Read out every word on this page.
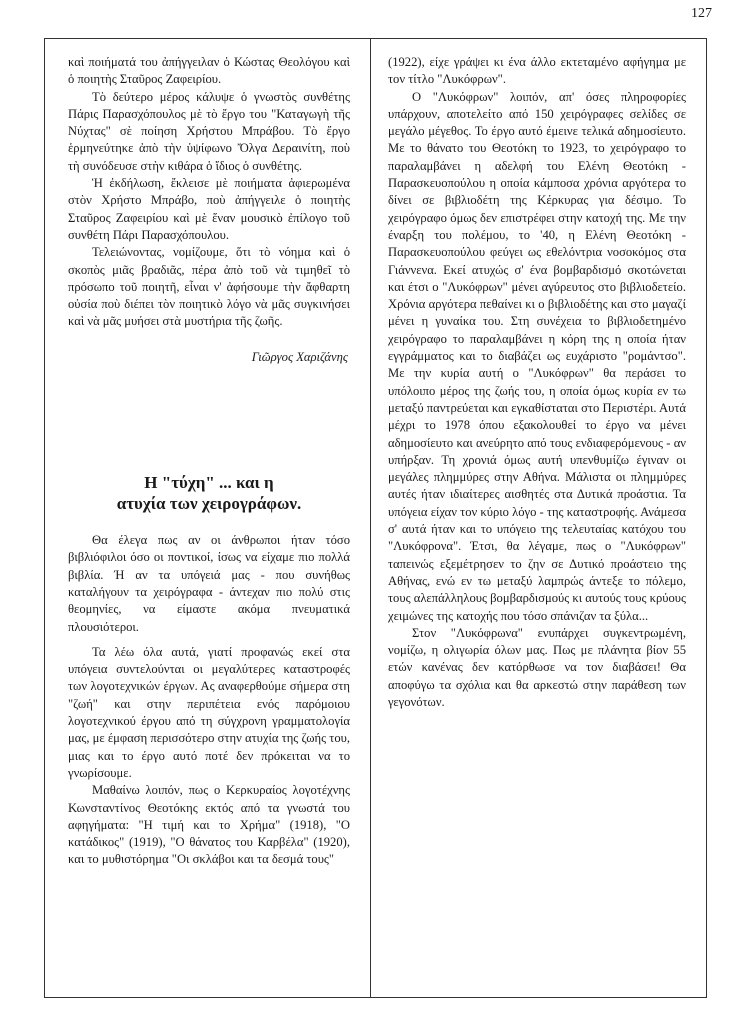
127

καὶ ποιήματά του ἀπήγγειλαν ὁ Κώστας Θεολόγου καὶ ὁ ποιητὴς Σταῦρος Ζαφειρίου.

Τὸ δεύτερο μέρος κάλυψε ὁ γνωστὸς συνθέτης Πάρις Παρασχόπουλος μὲ τὸ ἔργο του "Καταγωγὴ τῆς Νύχτας" σὲ ποίηση Χρήστου Μπράβου. Τὸ ἔργο ἑρμηνεύτηκε ἀπὸ τὴν ὑψίφωνο Ὄλγα Δεραινίτη, ποὺ τὴ συνόδευσε στὴν κιθάρα ὁ ἴδιος ὁ συνθέτης.

Ἡ ἐκδήλωση, ἔκλεισε μὲ ποιήματα ἀφιερωμένα στὸν Χρήστο Μπράβο, ποὺ ἀπήγγειλε ὁ ποιητὴς Σταῦρος Ζαφειρίου καὶ μὲ ἕναν μουσικὸ ἐπίλογο τοῦ συνθέτη Πάρι Παρασχόπουλου.

Τελειώνοντας, νομίζουμε, ὅτι τὸ νόημα καὶ ὁ σκοπὸς μιᾶς βραδιᾶς, πέρα ἀπὸ τοῦ νὰ τιμηθεῖ τὸ πρόσωπο τοῦ ποιητῆ, εἶναι ν' ἀφήσουμε τὴν ἄφθαρτη οὐσία ποὺ διέπει τὸν ποιητικὸ λόγο νὰ μᾶς συγκινήσει καὶ νὰ μᾶς μυήσει στὰ μυστήρια τῆς ζωῆς.

Γιῶργος Χαριζάνης
Η "τύχη" ... και η
ατυχία των χειρογράφων.

Θα έλεγα πως αν οι άνθρωποι ήταν τόσο βιβλιόφιλοι όσο οι ποντικοί, ίσως να είχαμε πιο πολλά βιβλία. Ή αν τα υπόγειά μας - που συνήθως καταλήγουν τα χειρόγραφα - άντεχαν πιο πολύ στις θεομηνίες, να είμαστε ακόμα πνευματικά πλουσιότεροι.

Τα λέω όλα αυτά, γιατί προφανώς εκεί στα υπόγεια συντελούνται οι μεγαλύτερες καταστροφές των λογοτεχνικών έργων. Ας αναφερθούμε σήμερα στη "ζωή" και στην περιπέτεια ενός παρόμοιου λογοτεχνικού έργου από τη σύγχρονη γραμματολογία μας, με έμφαση περισσότερο στην ατυχία της ζωής του, μιας και το έργο αυτό ποτέ δεν πρόκειται να το γνωρίσουμε.

Μαθαίνω λοιπόν, πως ο Κερκυραίος λογοτέχνης Κωνσταντίνος Θεοτόκης εκτός από τα γνωστά του αφηγήματα: "Η τιμή και το Χρήμα" (1918), "Ο κατάδικος" (1919), "Ο θάνατος του Καρβέλα" (1920), και το μυθιστόρημα "Οι σκλάβοι και τα δεσμά τους"

(1922), είχε γράψει κι ένα άλλο εκτεταμένο αφήγημα με τον τίτλο "Λυκόφρων".

Ο "Λυκόφρων" λοιπόν, απ' όσες πληροφορίες υπάρχουν, αποτελείτο από 150 χειρόγραφες σελίδες σε μεγάλο μέγεθος. Το έργο αυτό έμεινε τελικά αδημοσίευτο. Με το θάνατο του Θεοτόκη το 1923, το χειρόγραφο το παραλαμβάνει η αδελφή του Ελένη Θεοτόκη - Παρασκευοπούλου η οποία κάμποσα χρόνια αργότερα το δίνει σε βιβλιοδέτη της Κέρκυρας για δέσιμο. Το χειρόγραφο όμως δεν επιστρέφει στην κατοχή της. Με την έναρξη του πολέμου, το '40, η Ελένη Θεοτόκη - Παρασκευοπούλου φεύγει ως εθελόντρια νοσοκόμος στα Γιάννενα. Εκεί ατυχώς σ' ένα βομβαρδισμό σκοτώνεται και έτσι ο "Λυκόφρων" μένει αγύρευτος στο βιβλιοδετείο. Χρόνια αργότερα πεθαίνει κι ο βιβλιοδέτης και στο μαγαζί μένει η γυναίκα του. Στη συνέχεια το βιβλιοδετημένο χειρόγραφο το παραλαμβάνει η κόρη της η οποία ήταν εγγράμματος και το διαβάζει ως ευχάριστο "ρομάντσο". Με την κυρία αυτή ο "Λυκόφρων" θα περάσει το υπόλοιπο μέρος της ζωής του, η οποία όμως κυρία εν τω μεταξύ παντρεύεται και εγκαθίσταται στο Περιστέρι. Αυτά μέχρι το 1978 όπου εξακολουθεί το έργο να μένει αδημοσίευτο και ανεύρητο από τους ενδιαφερόμενους - αν υπήρξαν. Τη χρονιά όμως αυτή υπενθυμίζω έγιναν οι μεγάλες πλημμύρες στην Αθήνα. Μάλιστα οι πλημμύρες αυτές ήταν ιδιαίτερες αισθητές στα Δυτικά προάστια. Τα υπόγεια είχαν τον κύριο λόγο - της καταστροφής. Ανάμεσα σ' αυτά ήταν και το υπόγειο της τελευταίας κατόχου του "Λυκόφρονα". Έτσι, θα λέγαμε, πως ο "Λυκόφρων" ταπεινώς εξεμέτρησεν το ζην σε Δυτικό προάστειο της Αθήνας, ενώ εν τω μεταξύ λαμπρώς άντεξε το πόλεμο, τους αλεπάλληλους βομβαρδισμούς κι αυτούς τους κρύους χειμώνες της κατοχής που τόσο σπάνιζαν τα ξύλα...

Στον "Λυκόφρωνα" ενυπάρχει συγκεντρωμένη, νομίζω, η ολιγωρία όλων μας. Πως με πλάνητα βίον 55 ετών κανένας δεν κατόρθωσε να τον διαβάσει! Θα αποφύγω τα σχόλια και θα αρκεστώ στην παράθεση των γεγονότων.
